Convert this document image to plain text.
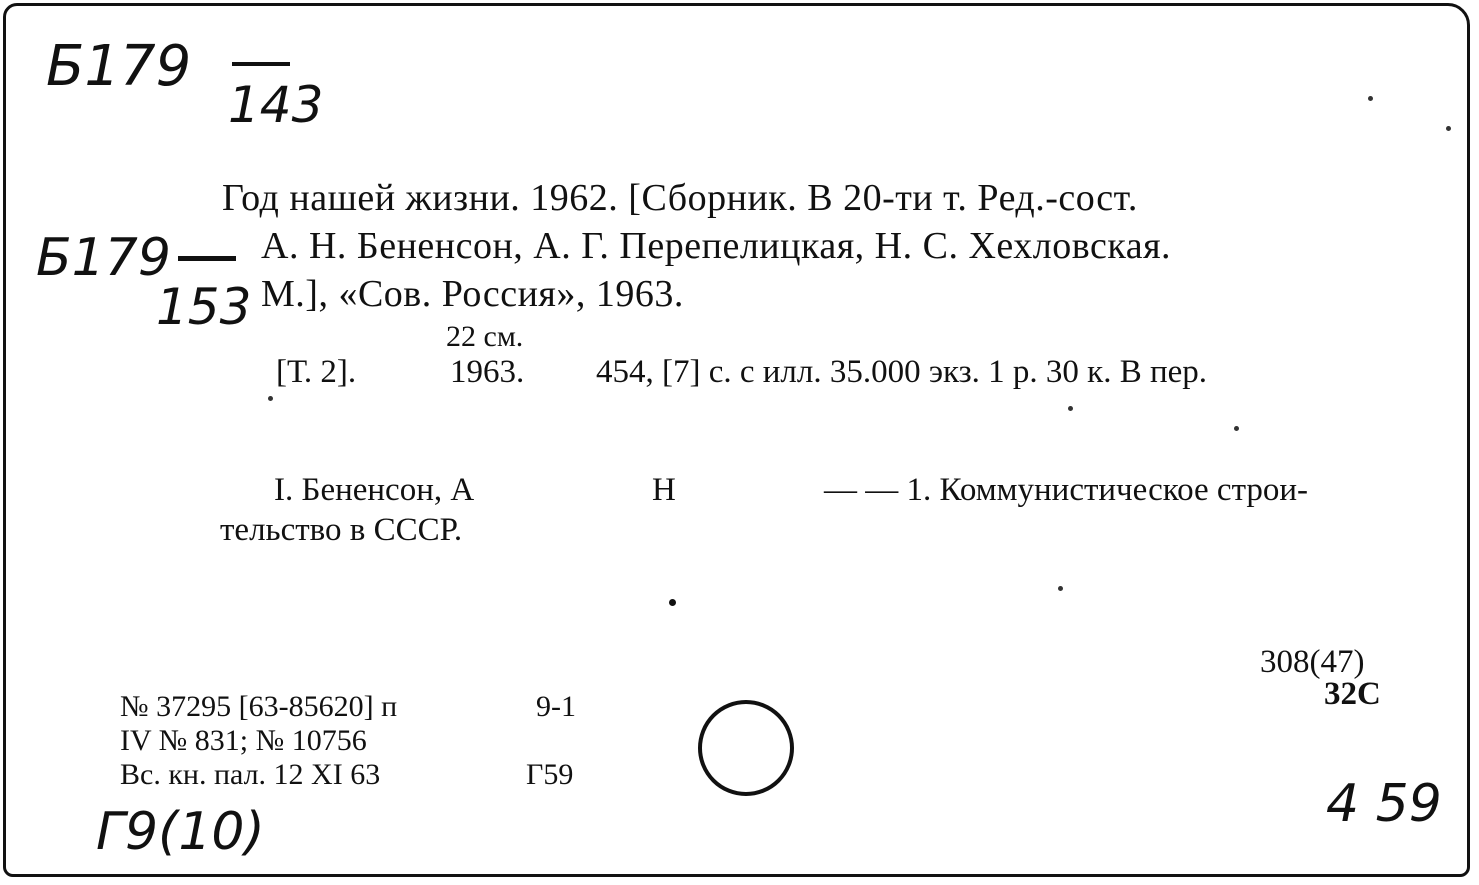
Б179
143
Б179
153
Год нашей жизни. 1962. [Сборник. В 20-ти т. Ред.-сост.
А. Н. Бененсон, А. Г. Перепелицкая, Н. С. Хехловская.
М.], «Сов. Россия», 1963.
22 см.
[Т. 2].	1963. 454, [7] с. с илл. 35.000 экз. 1 р. 30 к. В пер.
I. Бененсон, А	Н	— — 1. Коммунистическое строи-
тельство в СССР.
308(47)
32С
№ 37295 [63-85620] п	9-1
IV № 831; № 10756
Вс. кн. пал. 12 XI 63	Г59
Г9(10)	4 59
